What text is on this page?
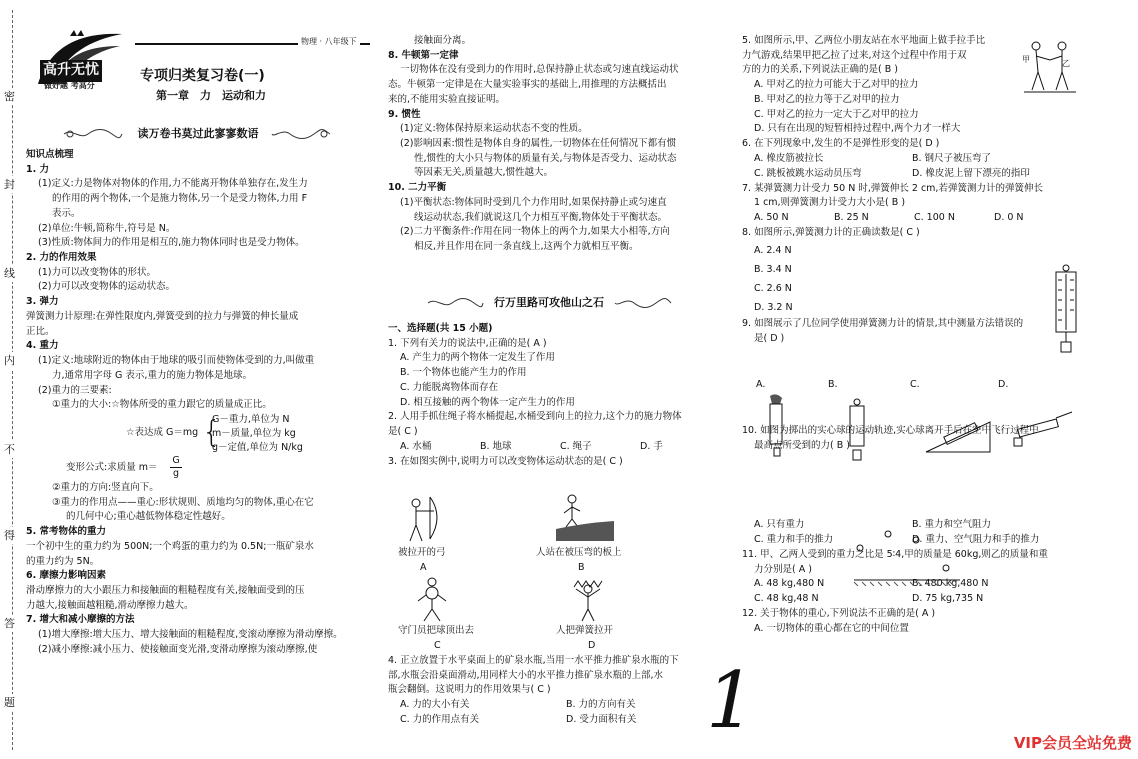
密
封
线
内
不
得
答
题
高升无忧
做好题 考高分
物理 · 八年级下
专项归类复习卷(一)
第一章　力　运动和力
读万卷书莫过此寥寥数语

知识点梳理

1. 力

(1)定义:力是物体对物体的作用,力不能离开物体单独存在,发生力

的作用的两个物体,一个是施力物体,另一个是受力物体,力用 F

表示。

(2)单位:牛顿,简称牛,符号是 N。

(3)性质:物体间力的作用是相互的,施力物体同时也是受力物体。

2. 力的作用效果

(1)力可以改变物体的形状。

(2)力可以改变物体的运动状态。

3. 弹力

弹簧测力计原理:在弹性限度内,弹簧受到的拉力与弹簧的伸长量成

正比。

4. 重力

(1)定义:地球附近的物体由于地球的吸引而使物体受到的力,叫做重

力,通常用字母 G 表示,重力的施力物体是地球。

(2)重力的三要素:

①重力的大小:☆物体所受的重力跟它的质量成正比。

☆表达成 G＝mg {
G－重力,单位为 N
m－质量,单位为 kg
g－定值,单位为 N/kg
变形公式:求质量 $m= \frac{G}{g}$

②重力的方向:竖直向下。

③重力的作用点——重心:形状规则、质地均匀的物体,重心在它

的几何中心;重心越低物体稳定性越好。

5. 常考物体的重力

一个初中生的重力约为 500N;一个鸡蛋的重力约为 0.5N;一瓶矿泉水

的重力约为 5N。

6. 摩擦力影响因素

滑动摩擦力的大小跟压力和接触面的粗糙程度有关,接触面受到的压

力越大,接触面越粗糙,滑动摩擦力越大。

7. 增大和减小摩擦的方法

(1)增大摩擦:增大压力、增大接触面的粗糙程度,变滚动摩擦为滑动摩擦。

(2)减小摩擦:减小压力、使接触面变光滑,变滑动摩擦为滚动摩擦,使

接触面分离。

8. 牛顿第一定律

一切物体在没有受到力的作用时,总保持静止状态或匀速直线运动状

态。牛顿第一定律是在大量实验事实的基础上,用推理的方法概括出

来的,不能用实验直接证明。

9. 惯性

(1)定义:物体保持原来运动状态不变的性质。

(2)影响因素:惯性是物体自身的属性,一切物体在任何情况下都有惯

性,惯性的大小只与物体的质量有关,与物体是否受力、运动状态

等因素无关,质量越大,惯性越大。

10. 二力平衡

(1)平衡状态:物体同时受到几个力作用时,如果保持静止或匀速直

线运动状态,我们就说这几个力相互平衡,物体处于平衡状态。

(2)二力平衡条件:作用在同一物体上的两个力,如果大小相等,方向

相反,并且作用在同一条直线上,这两个力就相互平衡。

行万里路可攻他山之石

一、选择题(共 15 小题)

1. 下列有关力的说法中,正确的是( A )

A. 产生力的两个物体一定发生了作用

B. 一个物体也能产生力的作用

C. 力能脱离物体而存在

D. 相互接触的两个物体一定产生力的作用

2. 人用手抓住绳子将水桶提起,水桶受到向上的拉力,这个力的施力物体

是( C )

A. 水桶	B. 地球	C. 绳子	D. 手

3. 在如图实例中,说明力可以改变物体运动状态的是( C )

被拉开的弓
A
人站在被压弯的板上
B
守门员把球顶出去
C
人把弹簧拉开
D

4. 正立放置于水平桌面上的矿泉水瓶,当用一水平推力推矿泉水瓶的下

部,水瓶会沿桌面滑动,用同样大小的水平推力推矿泉水瓶的上部,水

瓶会翻倒。这说明力的作用效果与( C )

A. 力的大小有关	B. 力的方向有关
C. 力的作用点有关	D. 受力面积有关 1

5. 如图所示,甲、乙两位小朋友站在水平地面上做手拉手比

力气游戏,结果甲把乙拉了过来,对这个过程中作用于双

方的力的关系,下列说法正确的是( B )

A. 甲对乙的拉力可能大于乙对甲的拉力

B. 甲对乙的拉力等于乙对甲的拉力

C. 甲对乙的拉力一定大于乙对甲的拉力

D. 只有在出现的短暂相持过程中,两个力才一样大

6. 在下列现象中,发生的不是弹性形变的是( D )

A. 橡皮筋被拉长	B. 钢尺子被压弯了
C. 跳板被跳水运动员压弯	D. 橡皮泥上留下漂亮的指印

7. 某弹簧测力计受力 50 N 时,弹簧伸长 2 cm,若弹簧测力计的弹簧伸长

1 cm,则弹簧测力计受力大小是( B )

A. 50 N	B. 25 N	C. 100 N	D. 0 N

8. 如图所示,弹簧测力计的正确读数是( C )

A. 2.4 N

B. 3.4 N

C. 2.6 N

D. 3.2 N

9. 如图展示了几位同学使用弹簧测力计的情景,其中测量方法错误的

是( D )

A.	B.	C.	D.

10. 如图为掷出的实心球的运动轨迹,实心球离开手后在空中飞行过程中

最高点所受到的力( B )

A. 只有重力	B. 重力和空气阻力
C. 重力和手的推力	D. 重力、空气阻力和手的推力

11. 甲、乙两人受到的重力之比是 5∶4,甲的质量是 60kg,则乙的质量和重

力分别是( A )

A. 48 kg,480 N	B. 480 kg,480 N
C. 48 kg,48 N	D. 75 kg,735 N

12. 关于物体的重心,下列说法不正确的是( A )

A. 一切物体的重心都在它的中间位置

甲	乙
VIP会员全站免费
